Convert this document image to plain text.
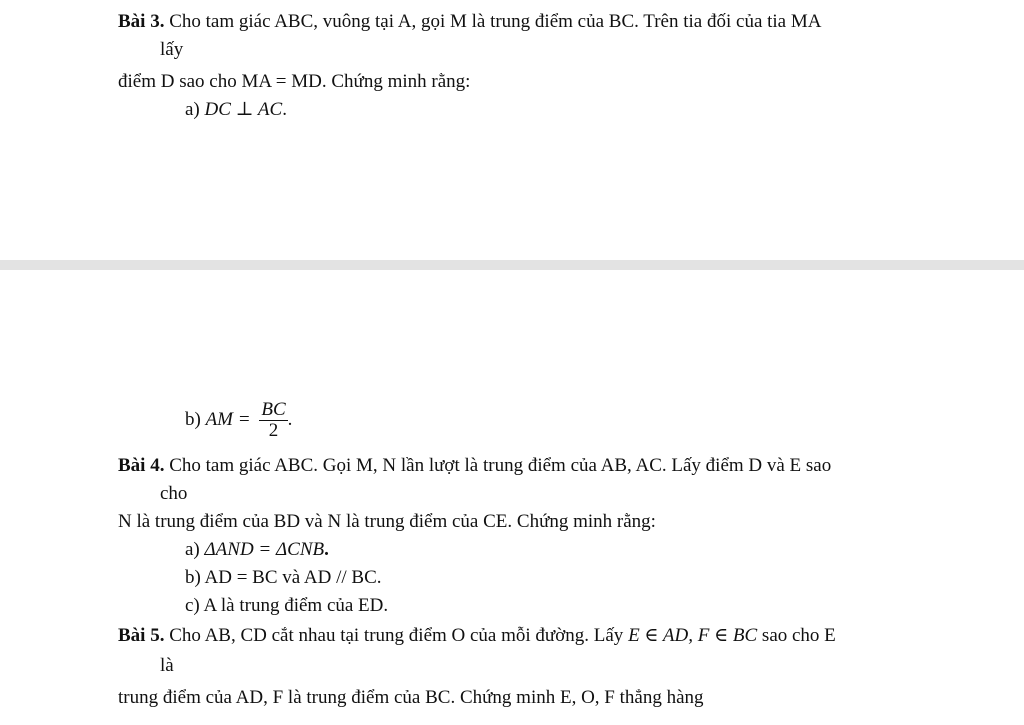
Bài 3. Cho tam giác ABC, vuông tại A, gọi M là trung điểm của BC. Trên tia đối của tia MA
lấy
điểm D sao cho MA = MD. Chứng minh rằng:
a) DC ⊥ AC.
b) AM = $\frac{BC}{2}$ .
Bài 4. Cho tam giác ABC. Gọi M, N lần lượt là trung điểm của AB, AC. Lấy điểm D và E sao
cho
N là trung điểm của BD và N là trung điểm của CE. Chứng minh rằng:
a) ΔAND = ΔCNB.
b) AD = BC và AD // BC.
c) A là trung điểm của ED.
Bài 5. Cho AB, CD cắt nhau tại trung điểm O của mỗi đường. Lấy E ∈ AD, F ∈ BC sao cho E
là
trung điểm của AD, F là trung điểm của BC. Chứng minh E, O, F thẳng hàng
